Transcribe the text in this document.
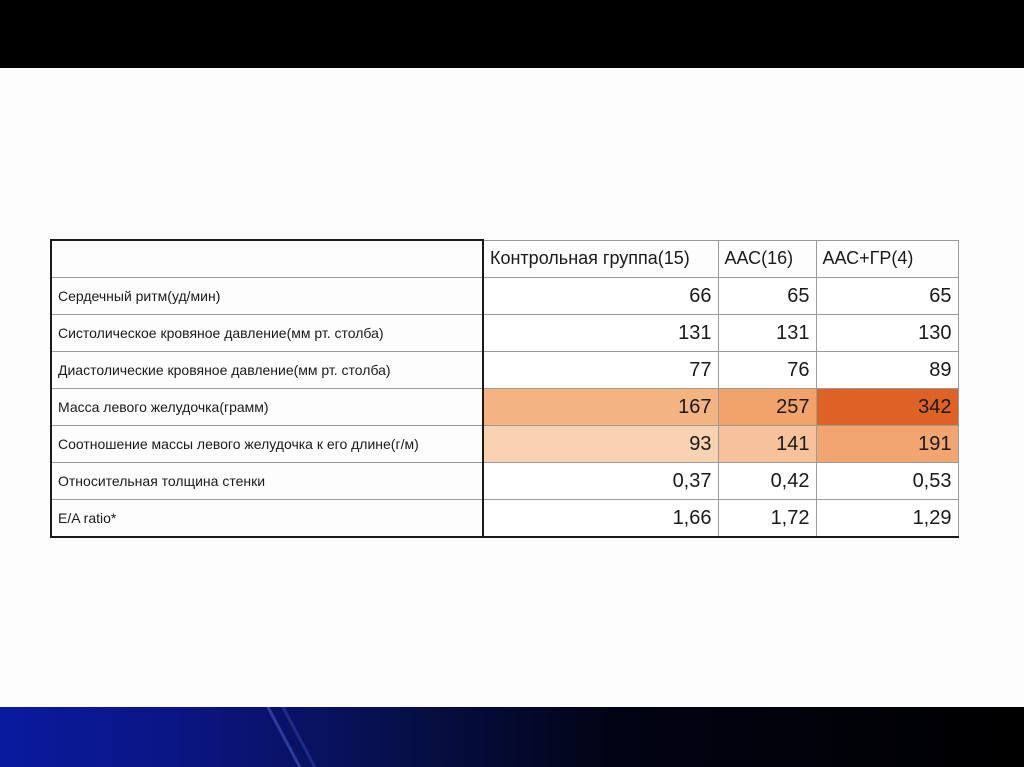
	Контрольная группа(15)	ААС(16)	ААС+ГР(4)
Сердечный ритм(уд/мин)	66	65	65
Систолическое кровяное давление(мм рт. столба)	131	131	130
Диастолические кровяное давление(мм рт. столба)	77	76	89
Масса левого желудочка(грамм)	167	257	342
Соотношение массы левого желудочка к его длине(г/м)	93	141	191
Относительная толщина стенки	0,37	0,42	0,53
E/A ratio*	1,66	1,72	1,29
